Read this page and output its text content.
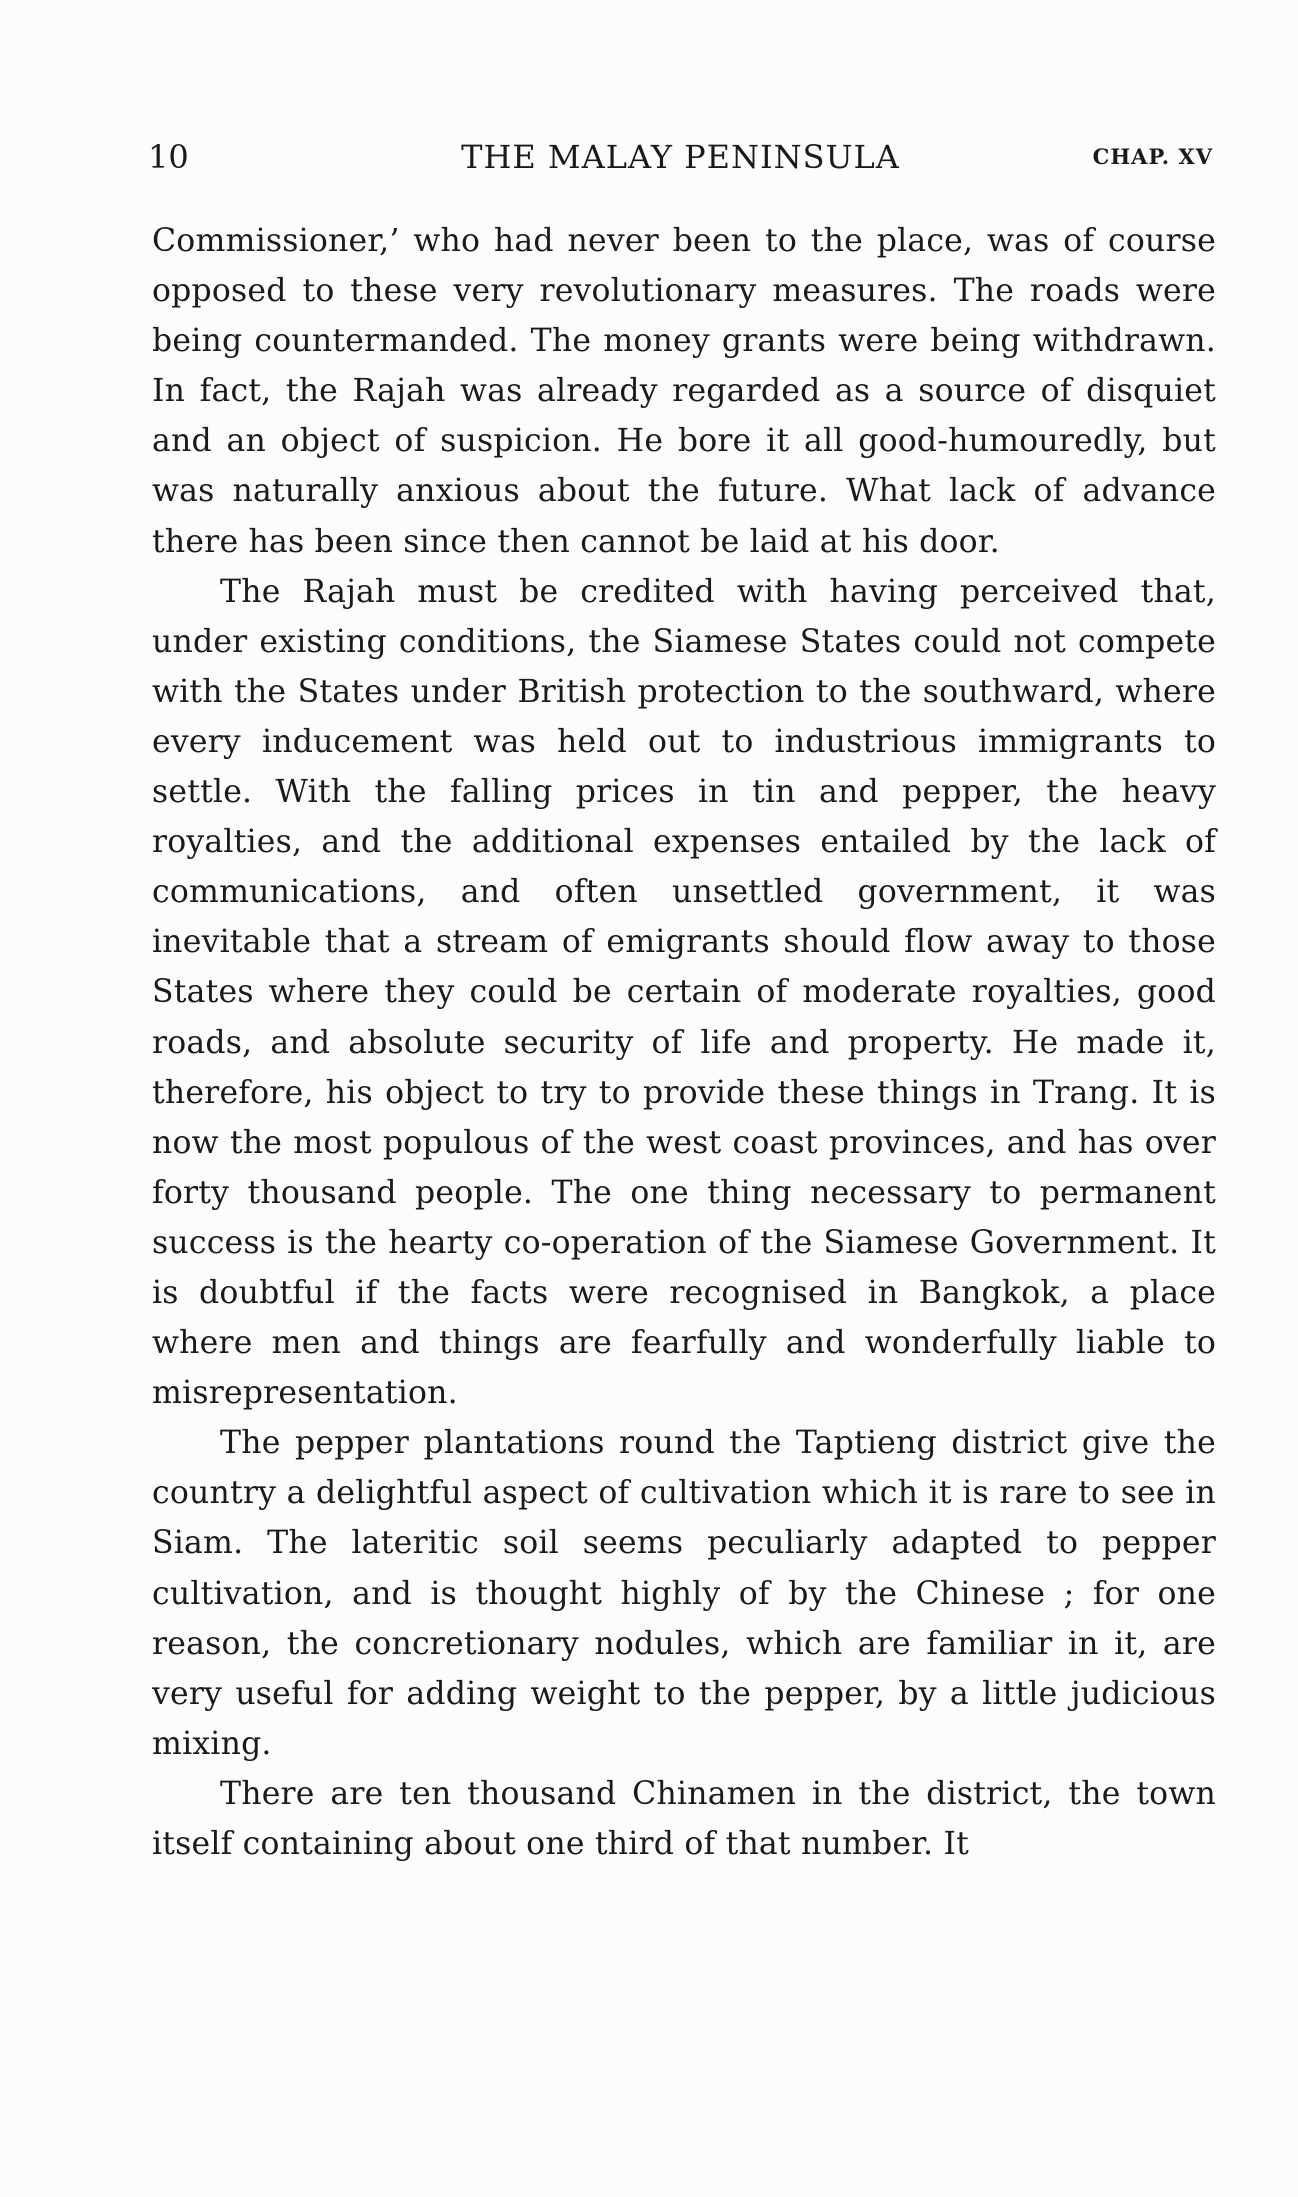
10	THE MALAY PENINSULA	CHAP. XV

Commissioner,’ who had never been to the place, was of course opposed to these very revolutionary measures. The roads were being countermanded. The money grants were being withdrawn. In fact, the Rajah was already regarded as a source of disquiet and an object of suspicion. He bore it all good-humouredly, but was naturally anxious about the future. What lack of advance there has been since then cannot be laid at his door.

The Rajah must be credited with having perceived that, under existing conditions, the Siamese States could not compete with the States under British protection to the southward, where every inducement was held out to industrious immigrants to settle. With the falling prices in tin and pepper, the heavy royalties, and the additional expenses entailed by the lack of communications, and often unsettled government, it was inevitable that a stream of emigrants should flow away to those States where they could be certain of moderate royalties, good roads, and absolute security of life and property. He made it, therefore, his object to try to provide these things in Trang. It is now the most populous of the west coast provinces, and has over forty thousand people. The one thing necessary to permanent success is the hearty co-operation of the Siamese Government. It is doubtful if the facts were recognised in Bangkok, a place where men and things are fearfully and wonderfully liable to misrepresentation.

The pepper plantations round the Taptieng district give the country a delightful aspect of cultivation which it is rare to see in Siam. The lateritic soil seems peculiarly adapted to pepper cultivation, and is thought highly of by the Chinese ; for one reason, the concretionary nodules, which are familiar in it, are very useful for adding weight to the pepper, by a little judicious mixing.

There are ten thousand Chinamen in the district, the town itself containing about one third of that number. It
